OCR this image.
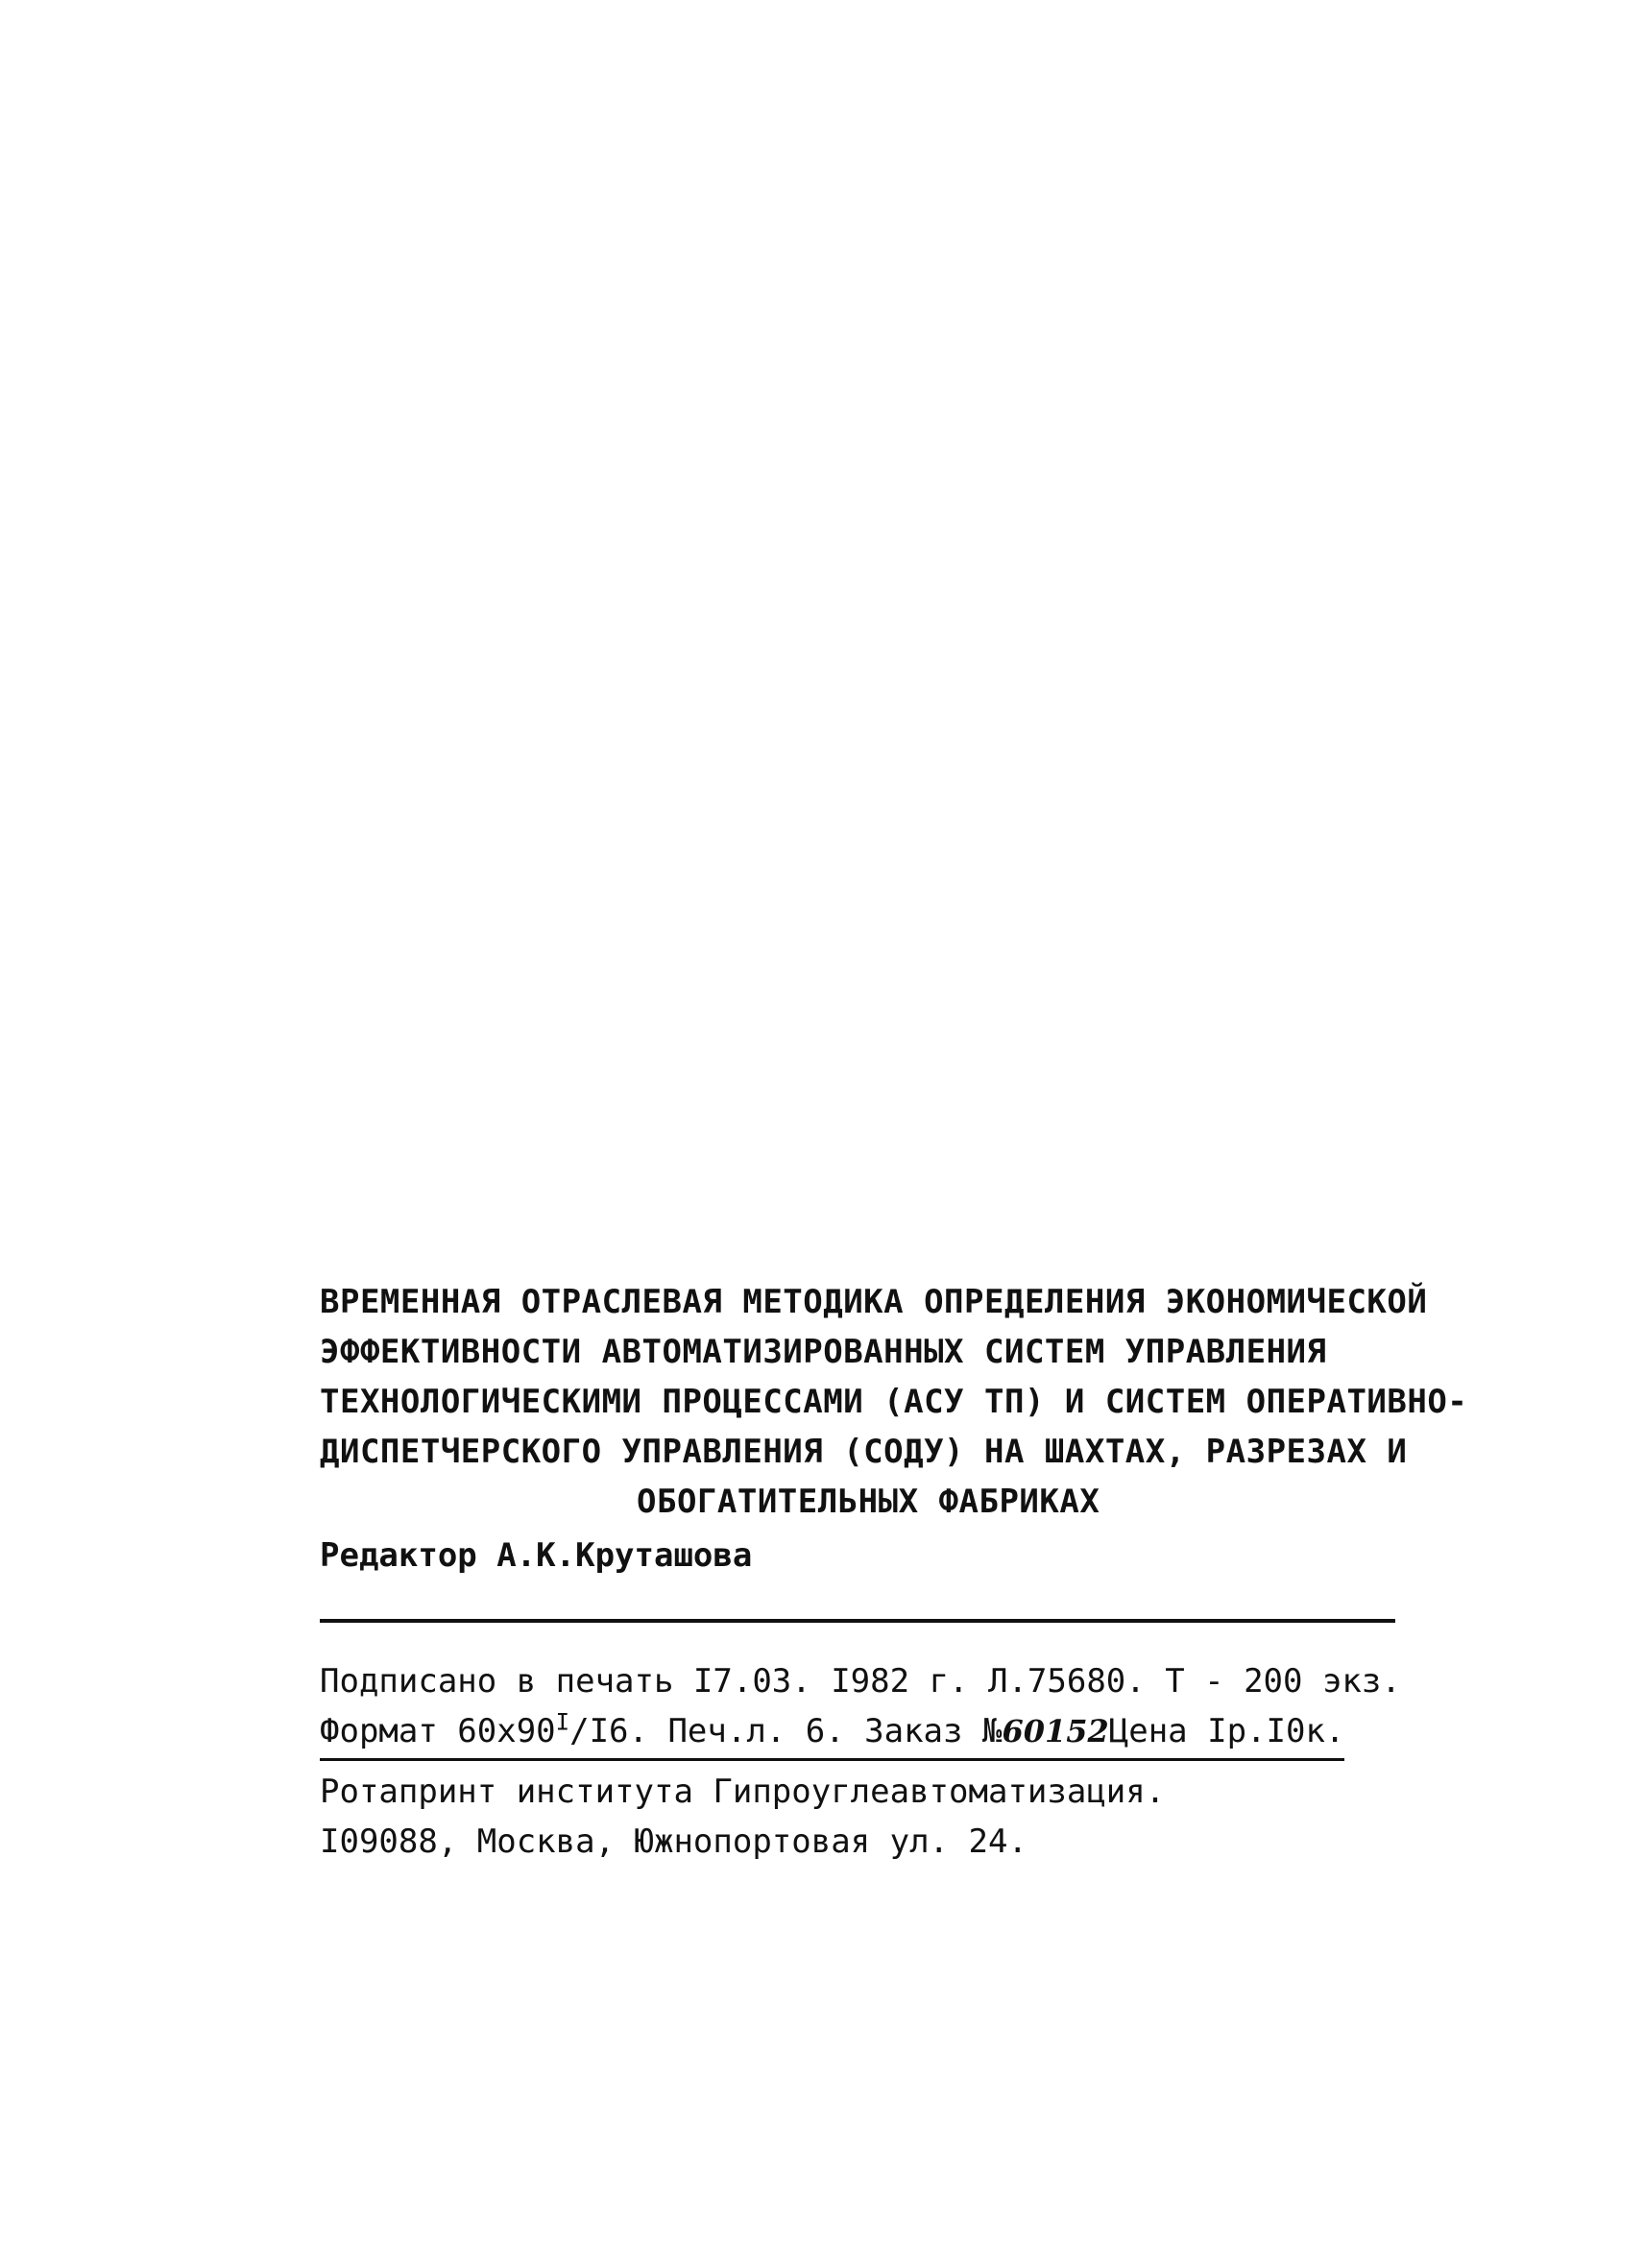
ВРЕМЕННАЯ ОТРАСЛЕВАЯ МЕТОДИКА ОПРЕДЕЛЕНИЯ ЭКОНОМИЧЕСКОЙ
ЭФФЕКТИВНОСТИ АВТОМАТИЗИРОВАННЫХ СИСТЕМ УПРАВЛЕНИЯ
ТЕХНОЛОГИЧЕСКИМИ ПРОЦЕССАМИ (АСУ ТП) И СИСТЕМ ОПЕРАТИВНО-
ДИСПЕТЧЕРСКОГО УПРАВЛЕНИЯ (СОДУ) НА ШАХТАХ, РАЗРЕЗАХ И
ОБОГАТИТЕЛЬНЫХ ФАБРИКАХ
Редактор А.К.Круташова
Подписано в печать I7.03. I982 г. Л.75680. Т - 200 экз.
Формат $60х90^I/I6$. Печ.л. 6. Заказ №60152Цена Iр.I0к.
Ротапринт института Гипроуглеавтоматизация.
I09088, Москва, Южнопортовая ул. 24.
